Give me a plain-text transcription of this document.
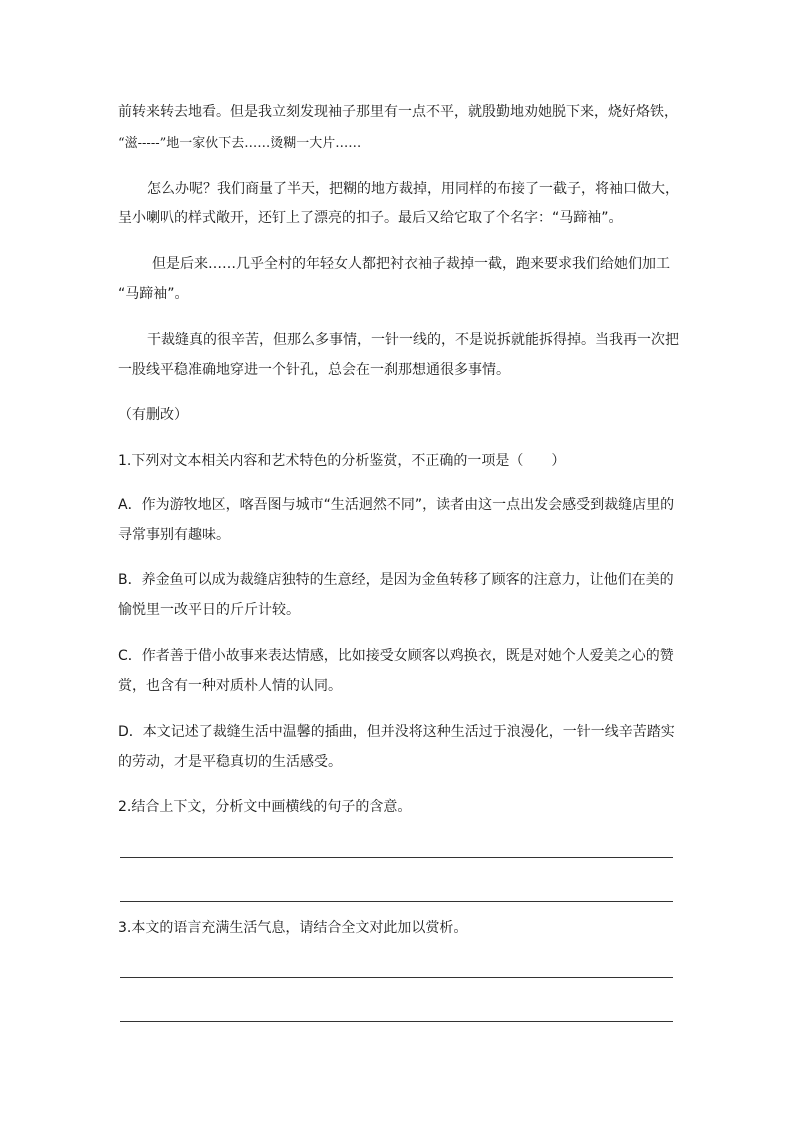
前转来转去地看。但是我立刻发现袖子那里有一点不平，就殷勤地劝她脱下来，烧好烙铁，
“滋-----”地一家伙下去……烫糊一大片……
怎么办呢？我们商量了半天，把糊的地方裁掉，用同样的布接了一截子，将袖口做大，
呈小喇叭的样式敞开，还钉上了漂亮的扣子。最后又给它取了个名字：“马蹄袖”。
但是后来……几乎全村的年轻女人都把衬衣袖子裁掉一截，跑来要求我们给她们加工
“马蹄袖”。
干裁缝真的很辛苦，但那么多事情，一针一线的，不是说拆就能拆得掉。当我再一次把
一股线平稳准确地穿进一个针孔，总会在一刹那想通很多事情。
（有删改）
1.下列对文本相关内容和艺术特色的分析鉴赏，不正确的一项是（　　）
A．作为游牧地区，喀吾图与城市“生活迥然不同”，读者由这一点出发会感受到裁缝店里的
寻常事别有趣味。
B．养金鱼可以成为裁缝店独特的生意经，是因为金鱼转移了顾客的注意力，让他们在美的
愉悦里一改平日的斤斤计较。
C．作者善于借小故事来表达情感，比如接受女顾客以鸡换衣，既是对她个人爱美之心的赞
赏，也含有一种对质朴人情的认同。
D．本文记述了裁缝生活中温馨的插曲，但并没将这种生活过于浪漫化，一针一线辛苦踏实
的劳动，才是平稳真切的生活感受。
2.结合上下文，分析文中画横线的句子的含意。
3.本文的语言充满生活气息，请结合全文对此加以赏析。
